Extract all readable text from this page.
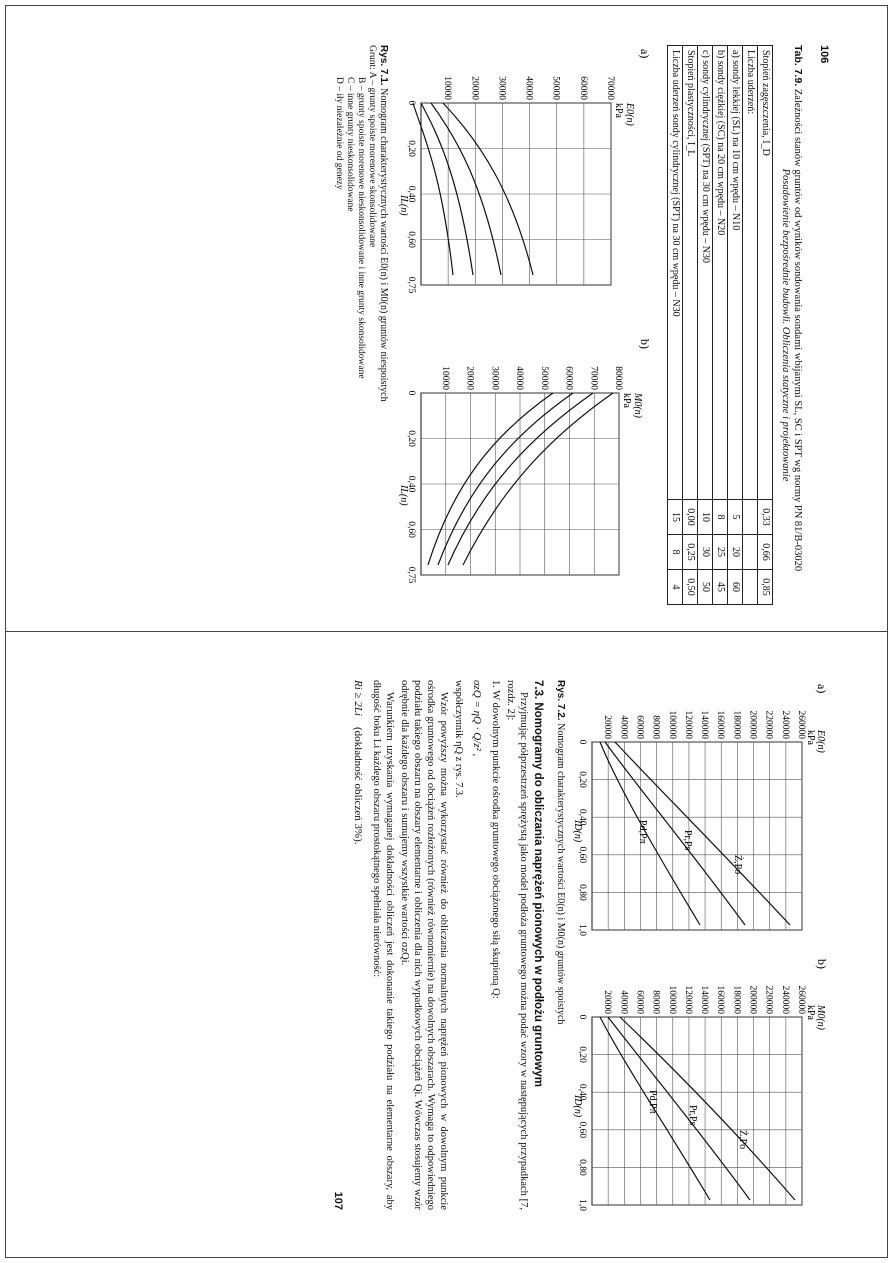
106
Tab. 7.9. Zależności stanów gruntów od wyników sondowania sondami wbijanymi SL, SC i SPT wg normy PN 81/B-03020
Posadowienie bezpośrednie budowli. Obliczenia statyczne i projektowanie
Stopień zagęszczenia, I_D	0,33	0,66	0,85
Liczba uderzeń:			
a) sondy lekkiej (SL) na 10 cm wpędu – N10	5	20	60
b) sondy ciężkiej (SC) na 20 cm wpędu – N20	8	25	45
c) sondy cylindrycznej (SPT) na 30 cm wpędu – N30	10	30	50
Stopień plastyczności, I_L	0,00	0,25	0,50
Liczba uderzeń sondy cylindrycznej (SPT) na 30 cm wpędu – N30	15	8	4
a)
E0(n)
kPa
70000
60000
50000
40000
30000
20000
10000
0
0,20
0,40
0,60
0,75
IL(n)
b)
M0(n)
kPa
80000
70000
60000
50000
40000
30000
20000
10000
0
0,20
0,40
0,60
0,75
IL(n)
Rys. 7.1. Nomogram charakterystycznych wartości E0(n) i M0(n) gruntów niespoistych
Grunt: A – grunty spoiste morenowe skonsolidowane
B – grunty spoiste morenowe nieskonsolidowane i inne grunty skonsolidowane
C – inne grunty nieskonsolidowane
D – iły niezależnie od genezy
a)
E0(n)
kPa
260000
240000
220000
200000
180000
160000
140000
120000
100000
80000
60000
40000
20000
0
0,20
0,40
0,60
0,80
1,0
ID(n)
Ż,Po
Pr,Ps
Pd,Pπ
b)
M0(n)
kPa
260000
240000
220000
200000
180000
160000
140000
120000
100000
80000
60000
40000
20000
0
0,20
0,40
0,60
0,80
1,0
ID(n)
Ż,Po
Pr,Ps
Pd,Pπ
Rys. 7.2. Nomogram charakterystycznych wartości E0(n) i M0(n) gruntów spoistych
7.3. Nomogramy do obliczania naprężeń pionowych w podłożu gruntowym

Przyjmując półprzestrzeń sprężystą jako model podłoża gruntowego można podać wzory w następujących przypadkach [7, rozdz. 2]:

1. W dowolnym punkcie ośrodka gruntowego obciążonego siłą skupioną Q:

σzQ = ηQ · Q/z² ,

współczynnik ηQ z rys. 7.3.

Wzór powyższy można wykorzystać również do obliczania normalnych naprężeń pionowych w dowolnym punkcie ośrodka gruntowego od obciążeń rozłożonych (również równomiernie) na dowolnych obszarach. Wymaga to odpowiedniego podziału takiego obszaru na obszary elementarne i obliczenia dla nich wypadkowych obciążeń Qi. Wówczas stosujemy wzór odrębnie dla każdego obszaru i sumujemy wszystkie wartości σzQi.

Warunkiem uzyskania wymaganej dokładności obliczeń jest dokonanie takiego podziału na elementarne obszary, aby długość boku Li każdego obszaru prostokątnego spełniała nierówność:

Ri ≥ 2Li    (dokładność obliczeń 3%).
107
